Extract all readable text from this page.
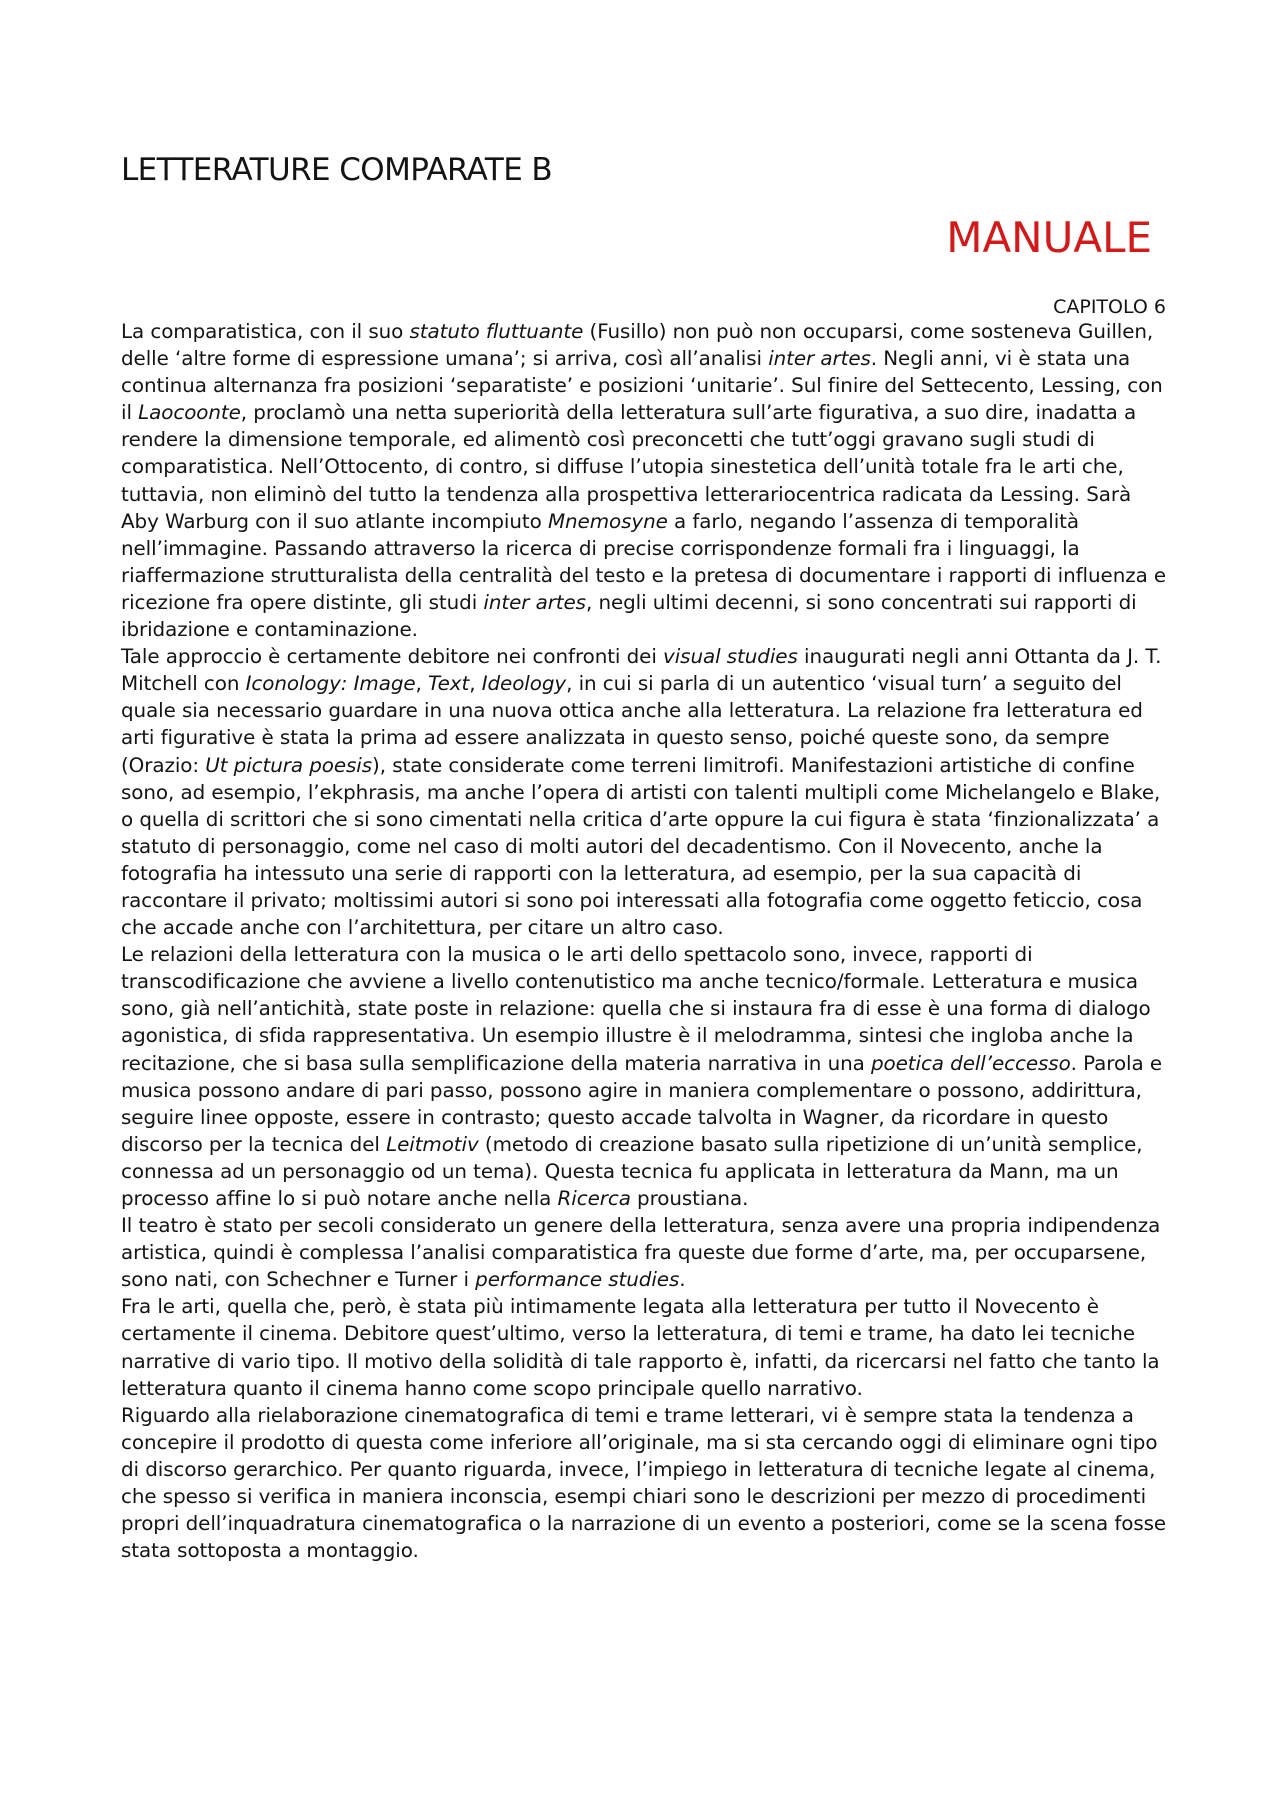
LETTERATURE COMPARATE B
MANUALE
CAPITOLO 6

La comparatistica, con il suo statuto fluttuante (Fusillo) non può non occuparsi, come sosteneva Guillen, delle ‘altre forme di espressione umana’; si arriva, così all’analisi inter artes. Negli anni, vi è stata una continua alternanza fra posizioni ‘separatiste’ e posizioni ‘unitarie’. Sul finire del Settecento, Lessing, con il Laocoonte, proclamò una netta superiorità della letteratura sull’arte figurativa, a suo dire, inadatta a rendere la dimensione temporale, ed alimentò così preconcetti che tutt’oggi gravano sugli studi di comparatistica. Nell’Ottocento, di contro, si diffuse l’utopia sinestetica dell’unità totale fra le arti che, tuttavia, non eliminò del tutto la tendenza alla prospettiva letterariocentrica radicata da Lessing. Sarà Aby Warburg con il suo atlante incompiuto Mnemosyne a farlo, negando l’assenza di temporalità nell’immagine. Passando attraverso la ricerca di precise corrispondenze formali fra i linguaggi, la riaffermazione strutturalista della centralità del testo e la pretesa di documentare i rapporti di influenza e ricezione fra opere distinte, gli studi inter artes, negli ultimi decenni, si sono concentrati sui rapporti di ibridazione e contaminazione.

Tale approccio è certamente debitore nei confronti dei visual studies inaugurati negli anni Ottanta da J. T. Mitchell con Iconology: Image, Text, Ideology, in cui si parla di un autentico ‘visual turn’ a seguito del quale sia necessario guardare in una nuova ottica anche alla letteratura. La relazione fra letteratura ed arti figurative è stata la prima ad essere analizzata in questo senso, poiché queste sono, da sempre (Orazio: Ut pictura poesis), state considerate come terreni limitrofi. Manifestazioni artistiche di confine sono, ad esempio, l’ekphrasis, ma anche l’opera di artisti con talenti multipli come Michelangelo e Blake, o quella di scrittori che si sono cimentati nella critica d’arte oppure la cui figura è stata ‘finzionalizzata’ a statuto di personaggio, come nel caso di molti autori del decadentismo. Con il Novecento, anche la fotografia ha intessuto una serie di rapporti con la letteratura, ad esempio, per la sua capacità di raccontare il privato; moltissimi autori si sono poi interessati alla fotografia come oggetto feticcio, cosa che accade anche con l’architettura, per citare un altro caso.

Le relazioni della letteratura con la musica o le arti dello spettacolo sono, invece, rapporti di transcodificazione che avviene a livello contenutistico ma anche tecnico/formale. Letteratura e musica sono, già nell’antichità, state poste in relazione: quella che si instaura fra di esse è una forma di dialogo agonistica, di sfida rappresentativa. Un esempio illustre è il melodramma, sintesi che ingloba anche la recitazione, che si basa sulla semplificazione della materia narrativa in una poetica dell’eccesso. Parola e musica possono andare di pari passo, possono agire in maniera complementare o possono, addirittura, seguire linee opposte, essere in contrasto; questo accade talvolta in Wagner, da ricordare in questo discorso per la tecnica del Leitmotiv (metodo di creazione basato sulla ripetizione di un’unità semplice, connessa ad un personaggio od un tema). Questa tecnica fu applicata in letteratura da Mann, ma un processo affine lo si può notare anche nella Ricerca proustiana.

Il teatro è stato per secoli considerato un genere della letteratura, senza avere una propria indipendenza artistica, quindi è complessa l’analisi comparatistica fra queste due forme d’arte, ma, per occuparsene, sono nati, con Schechner e Turner i performance studies.

Fra le arti, quella che, però, è stata più intimamente legata alla letteratura per tutto il Novecento è certamente il cinema. Debitore quest’ultimo, verso la letteratura, di temi e trame, ha dato lei tecniche narrative di vario tipo. Il motivo della solidità di tale rapporto è, infatti, da ricercarsi nel fatto che tanto la letteratura quanto il cinema hanno come scopo principale quello narrativo.

Riguardo alla rielaborazione cinematografica di temi e trame letterari, vi è sempre stata la tendenza a concepire il prodotto di questa come inferiore all’originale, ma si sta cercando oggi di eliminare ogni tipo di discorso gerarchico. Per quanto riguarda, invece, l’impiego in letteratura di tecniche legate al cinema, che spesso si verifica in maniera inconscia, esempi chiari sono le descrizioni per mezzo di procedimenti propri dell’inquadratura cinematografica o la narrazione di un evento a posteriori, come se la scena fosse stata sottoposta a montaggio.
